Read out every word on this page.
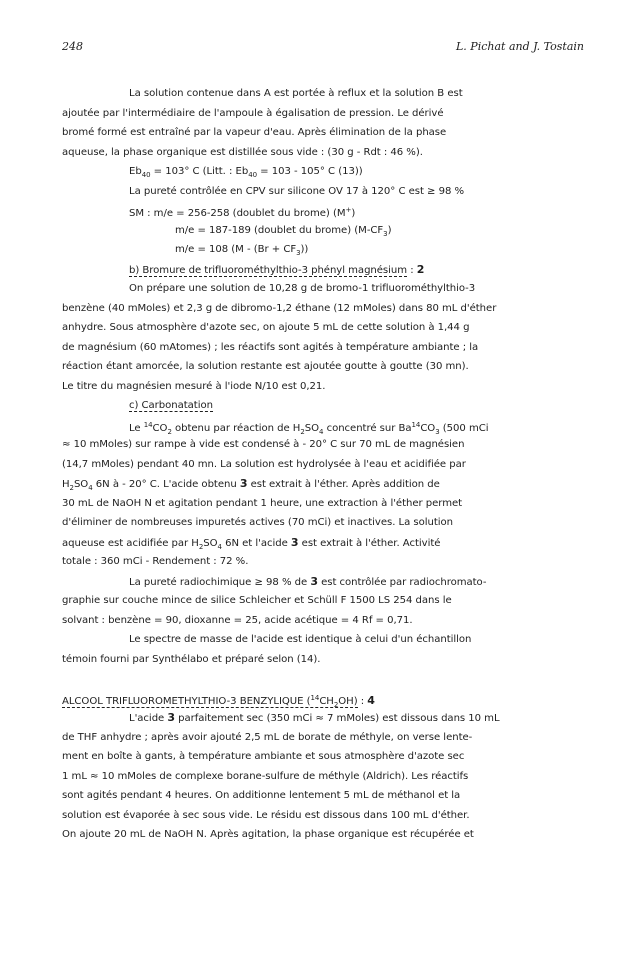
248	L. Pichat and J. Tostain
La solution contenue dans A est portée à reflux et la solution B est
ajoutée par l'intermédiaire de l'ampoule à égalisation de pression. Le dérivé
bromé formé est entraîné par la vapeur d'eau. Après élimination de la phase
aqueuse, la phase organique est distillée sous vide : (30 g - Rdt : 46 %).
$Eb_{40} = 103^\circ$ C (Litt. : $Eb_{40} = 103 - 105^\circ$ C (13))
La pureté contrôlée en CPV sur silicone OV 17 à 120° C est ≥ 98 %
SM : m/e = 256-258 (doublet du brome) (M+)
m/e = 187-189 (doublet du brome) $(M-CF_3)$
m/e = 108 $(M - (Br + CF_3))$
b) Bromure de trifluorométhylthio-3 phényl magnésium : 2
On prépare une solution de 10,28 g de bromo-1 trifluorométhylthio-3
benzène (40 mMoles) et 2,3 g de dibromo-1,2 éthane (12 mMoles) dans 80 mL d'éther
anhydre. Sous atmosphère d'azote sec, on ajoute 5 mL de cette solution à 1,44 g
de magnésium (60 mAtomes) ; les réactifs sont agités à température ambiante ; la
réaction étant amorcée, la solution restante est ajoutée goutte à goutte (30 mn).
Le titre du magnésien mesuré à l'iode N/10 est 0,21.
c) Carbonatation
Le $^{14}CO_2$ obtenu par réaction de $H_2SO_4$ concentré sur $Ba^{14}CO_3$ (500 mCi
≈ 10 mMoles) sur rampe à vide est condensé à - 20° C sur 70 mL de magnésien
(14,7 mMoles) pendant 40 mn. La solution est hydrolysée à l'eau et acidifiée par
$H_2SO_4$ 6N à - 20° C. L'acide obtenu 3 est extrait à l'éther. Après addition de
30 mL de NaOH N et agitation pendant 1 heure, une extraction à l'éther permet
d'éliminer de nombreuses impuretés actives (70 mCi) et inactives. La solution
aqueuse est acidifiée par $H_2SO_4$ 6N et l'acide 3 est extrait à l'éther. Activité
totale : 360 mCi - Rendement : 72 %.
La pureté radiochimique ≥ 98 % de 3 est contrôlée par radiochromato-
graphie sur couche mince de silice Schleicher et Schüll F 1500 LS 254 dans le
solvant : benzène = 90, dioxanne = 25, acide acétique = 4 Rf = 0,71.
Le spectre de masse de l'acide est identique à celui d'un échantillon
témoin fourni par Synthélabo et préparé selon (14).
ALCOOL TRIFLUOROMETHYLTHIO-3 BENZYLIQUE $(^{14}CH_2OH)$ : 4
L'acide 3 parfaitement sec (350 mCi ≈ 7 mMoles) est dissous dans 10 mL
de THF anhydre ; après avoir ajouté 2,5 mL de borate de méthyle, on verse lente-
ment en boîte à gants, à température ambiante et sous atmosphère d'azote sec
1 mL ≈ 10 mMoles de complexe borane-sulfure de méthyle (Aldrich). Les réactifs
sont agités pendant 4 heures. On additionne lentement 5 mL de méthanol et la
solution est évaporée à sec sous vide. Le résidu est dissous dans 100 mL d'éther.
On ajoute 20 mL de NaOH N. Après agitation, la phase organique est récupérée et
